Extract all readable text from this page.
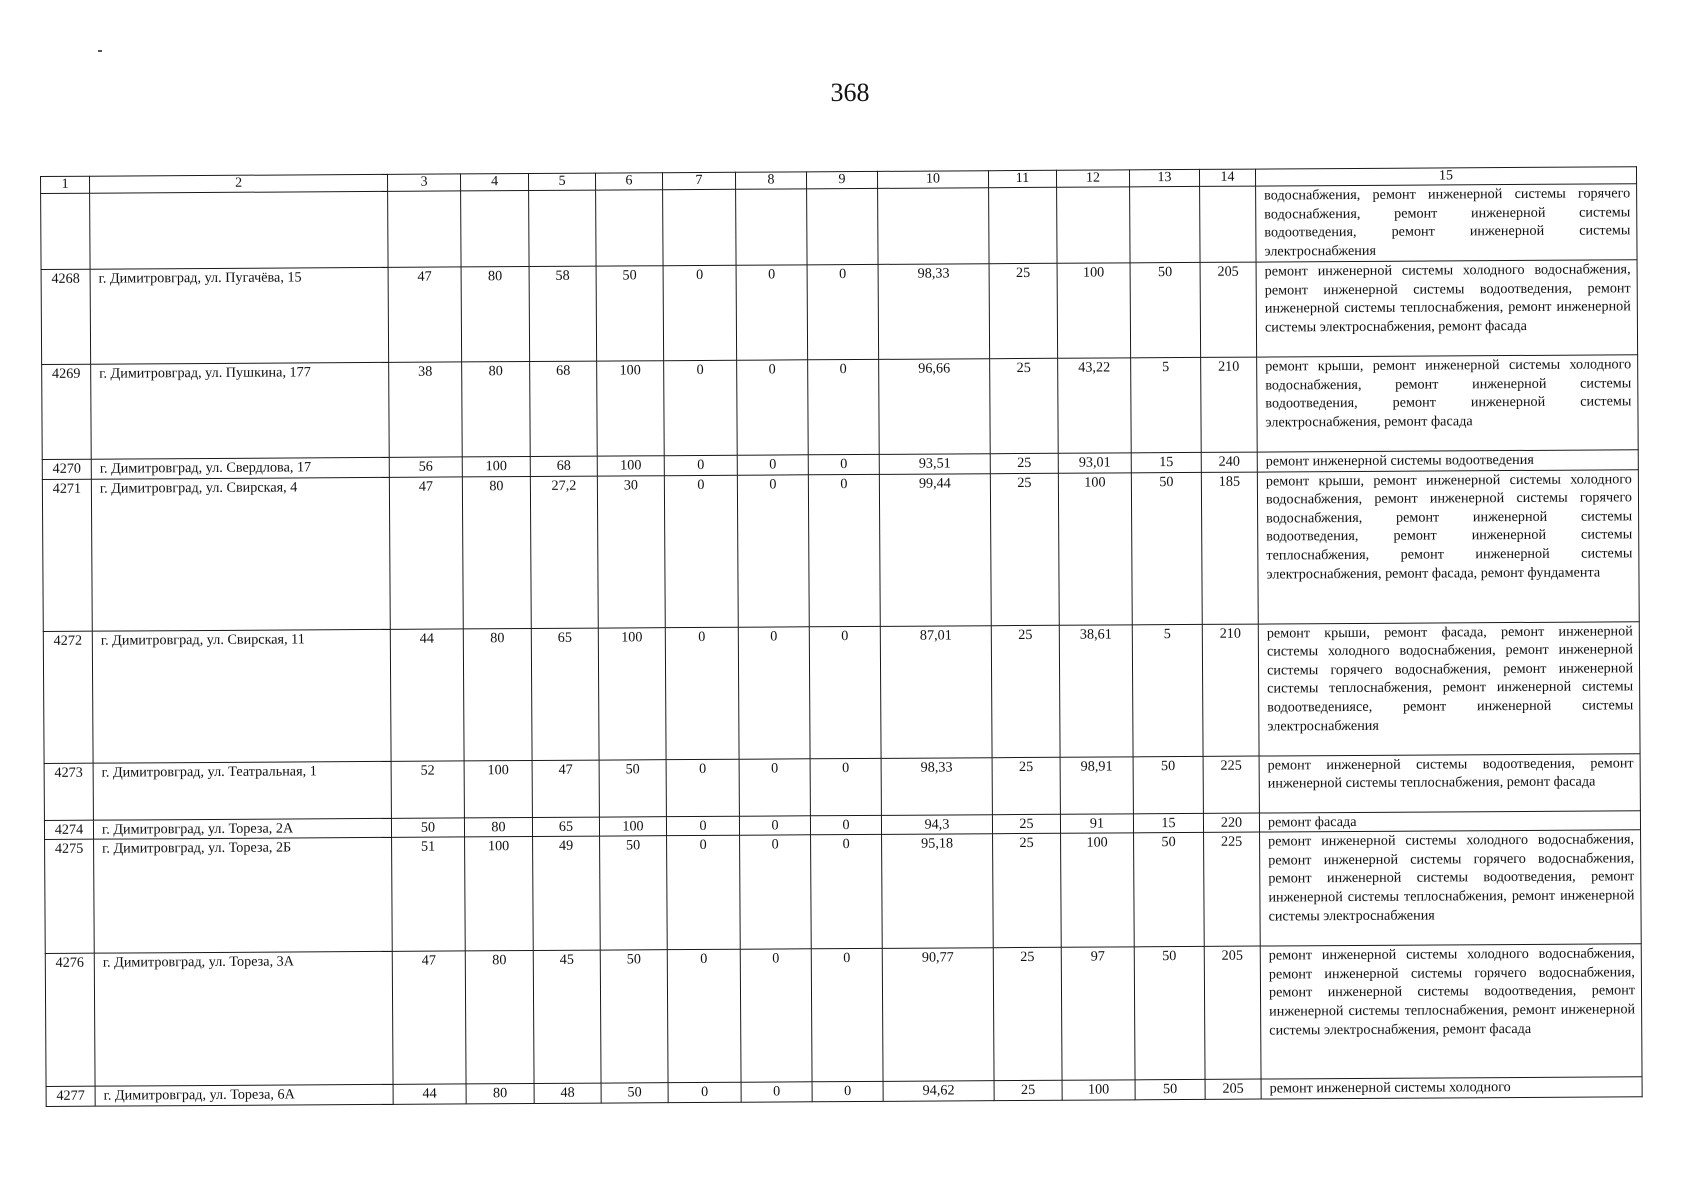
368
1	2	3	4	5	6	7	8	9	10	11	12	13	14	15
														водоснабжения, ремонт инженерной системы горячего водоснабжения, ремонт инженерной системы водоотведения, ремонт инженерной системы электроснабжения
4268	г. Димитровград, ул. Пугачёва, 15	47	80	58	50	0	0	0	98,33	25	100	50	205	ремонт инженерной системы холодного водоснабжения, ремонт инженерной системы водоотведения, ремонт инженерной системы теплоснабжения, ремонт инженерной системы электроснабжения, ремонт фасада
4269	г. Димитровград, ул. Пушкина, 177	38	80	68	100	0	0	0	96,66	25	43,22	5	210	ремонт крыши, ремонт инженерной системы холодного водоснабжения, ремонт инженерной системы водоотведения, ремонт инженерной системы электроснабжения, ремонт фасада
4270	г. Димитровград, ул. Свердлова, 17	56	100	68	100	0	0	0	93,51	25	93,01	15	240	ремонт инженерной системы водоотведения
4271	г. Димитровград, ул. Свирская, 4	47	80	27,2	30	0	0	0	99,44	25	100	50	185	ремонт крыши, ремонт инженерной системы холодного водоснабжения, ремонт инженерной системы горячего водоснабжения, ремонт инженерной системы водоотведения, ремонт инженерной системы теплоснабжения, ремонт инженерной системы электроснабжения, ремонт фасада, ремонт фундамента
4272	г. Димитровград, ул. Свирская, 11	44	80	65	100	0	0	0	87,01	25	38,61	5	210	ремонт крыши, ремонт фасада, ремонт инженерной системы холодного водоснабжения, ремонт инженерной системы горячего водоснабжения, ремонт инженерной системы теплоснабжения, ремонт инженерной системы водоотведениясе, ремонт инженерной системы электроснабжения
4273	г. Димитровград, ул. Театральная, 1	52	100	47	50	0	0	0	98,33	25	98,91	50	225	ремонт инженерной системы водоотведения, ремонт инженерной системы теплоснабжения, ремонт фасада
4274	г. Димитровград, ул. Тореза, 2А	50	80	65	100	0	0	0	94,3	25	91	15	220	ремонт фасада
4275	г. Димитровград, ул. Тореза, 2Б	51	100	49	50	0	0	0	95,18	25	100	50	225	ремонт инженерной системы холодного водоснабжения, ремонт инженерной системы горячего водоснабжения, ремонт инженерной системы водоотведения, ремонт инженерной системы теплоснабжения, ремонт инженерной системы электроснабжения
4276	г. Димитровград, ул. Тореза, 3А	47	80	45	50	0	0	0	90,77	25	97	50	205	ремонт инженерной системы холодного водоснабжения, ремонт инженерной системы горячего водоснабжения, ремонт инженерной системы водоотведения, ремонт инженерной системы теплоснабжения, ремонт инженерной системы электроснабжения, ремонт фасада
4277	г. Димитровград, ул. Тореза, 6А	44	80	48	50	0	0	0	94,62	25	100	50	205	ремонт инженерной системы холодного
